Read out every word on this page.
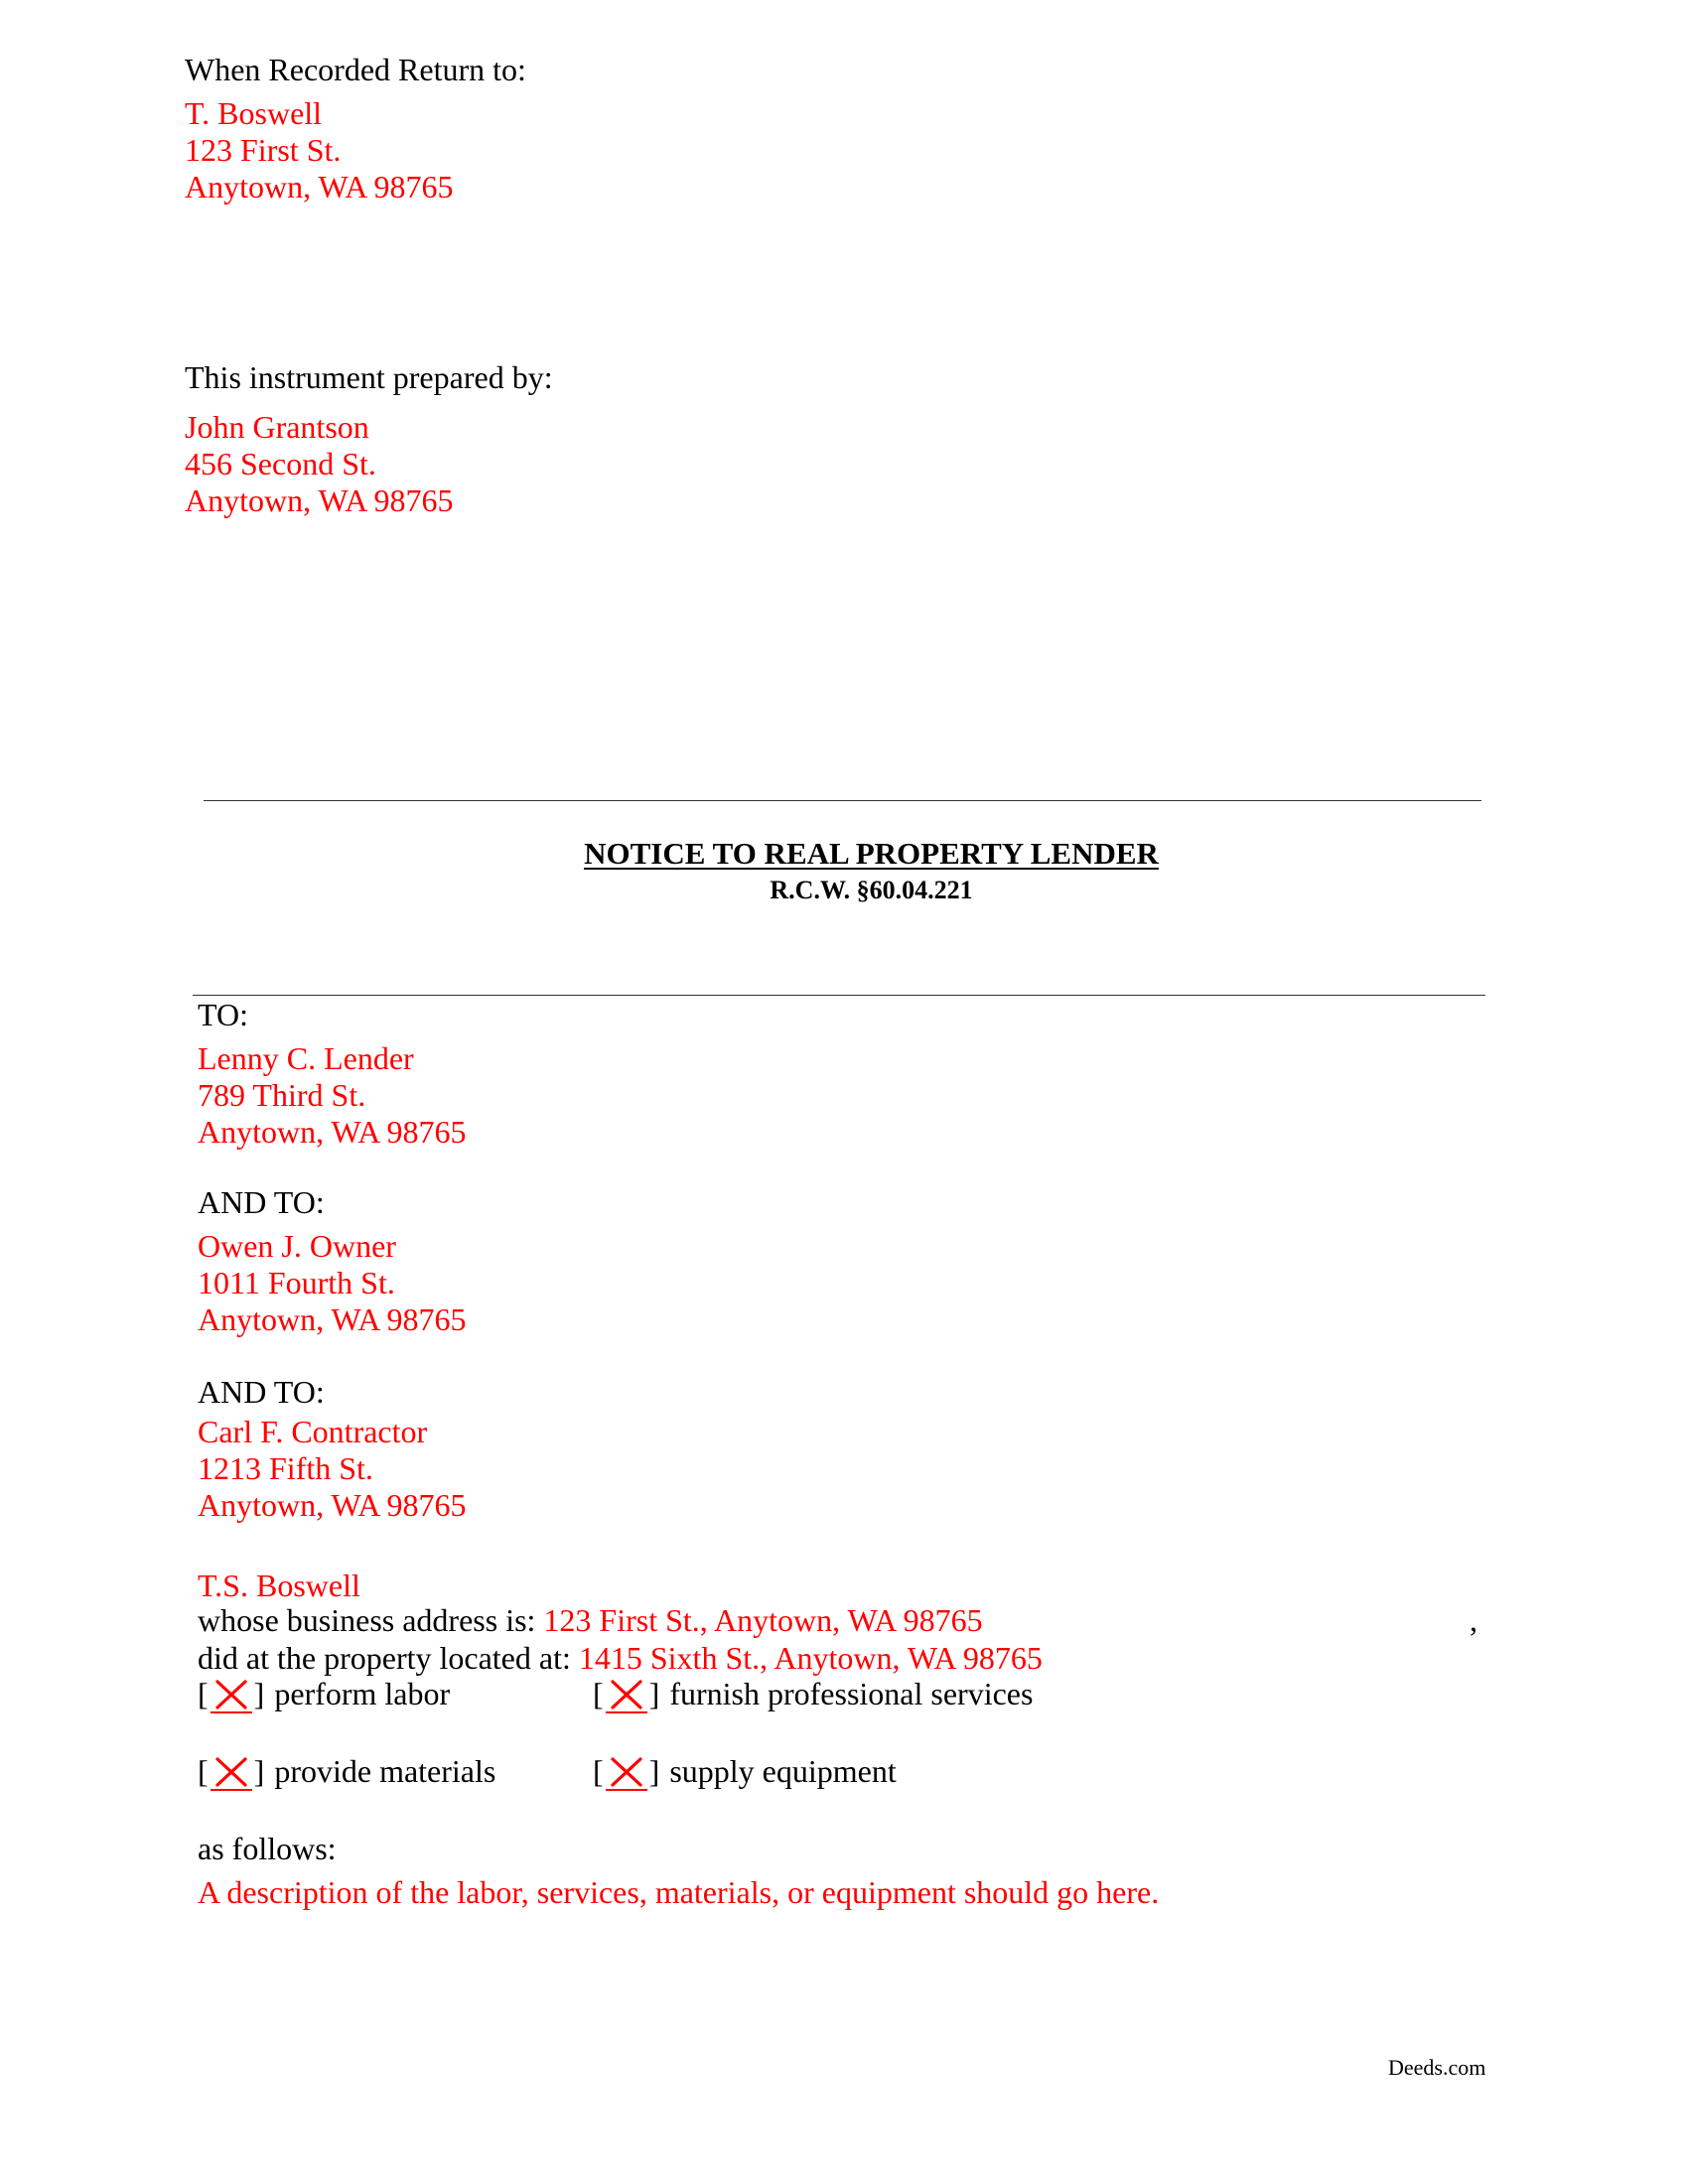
When Recorded Return to:
T. Boswell
123 First St.
Anytown, WA 98765
This instrument prepared by:
John Grantson
456 Second St.
Anytown, WA 98765
NOTICE TO REAL PROPERTY LENDER
R.C.W. §60.04.221
TO:
Lenny C. Lender
789 Third St.
Anytown, WA 98765
AND TO:
Owen J. Owner
1011 Fourth St.
Anytown, WA 98765
AND TO:
Carl F. Contractor
1213 Fifth St.
Anytown, WA 98765
T.S. Boswell
whose business address is: 123 First St., Anytown, WA 98765	,
did at the property located at: 1415 Sixth St., Anytown, WA 98765
[ ] perform labor	[ ] furnish professional services
[ ] provide materials	[ ] supply equipment
as follows:
A description of the labor, services, materials, or equipment should go here.
Deeds.com
